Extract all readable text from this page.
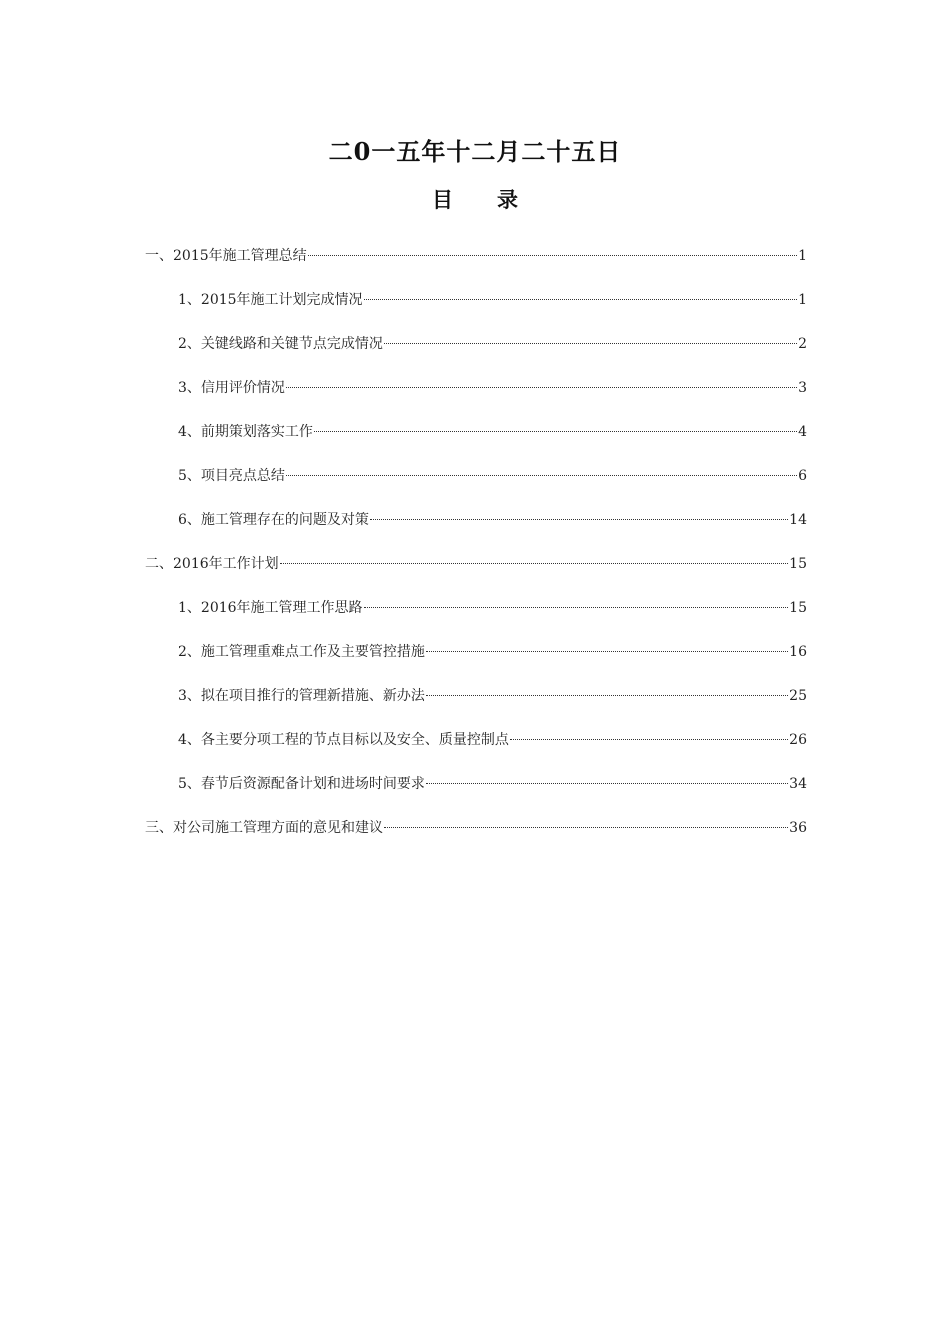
二0一五年十二月二十五日
目 录
一、2015年施工管理总结	1
1、2015年施工计划完成情况	1
2、关键线路和关键节点完成情况	2
3、信用评价情况	3
4、前期策划落实工作	4
5、项目亮点总结	6
6、施工管理存在的问题及对策	14
二、2016年工作计划	15
1、2016年施工管理工作思路	15
2、施工管理重难点工作及主要管控措施	16
3、拟在项目推行的管理新措施、新办法	25
4、各主要分项工程的节点目标以及安全、质量控制点	26
5、春节后资源配备计划和进场时间要求	34
三、对公司施工管理方面的意见和建议	36
